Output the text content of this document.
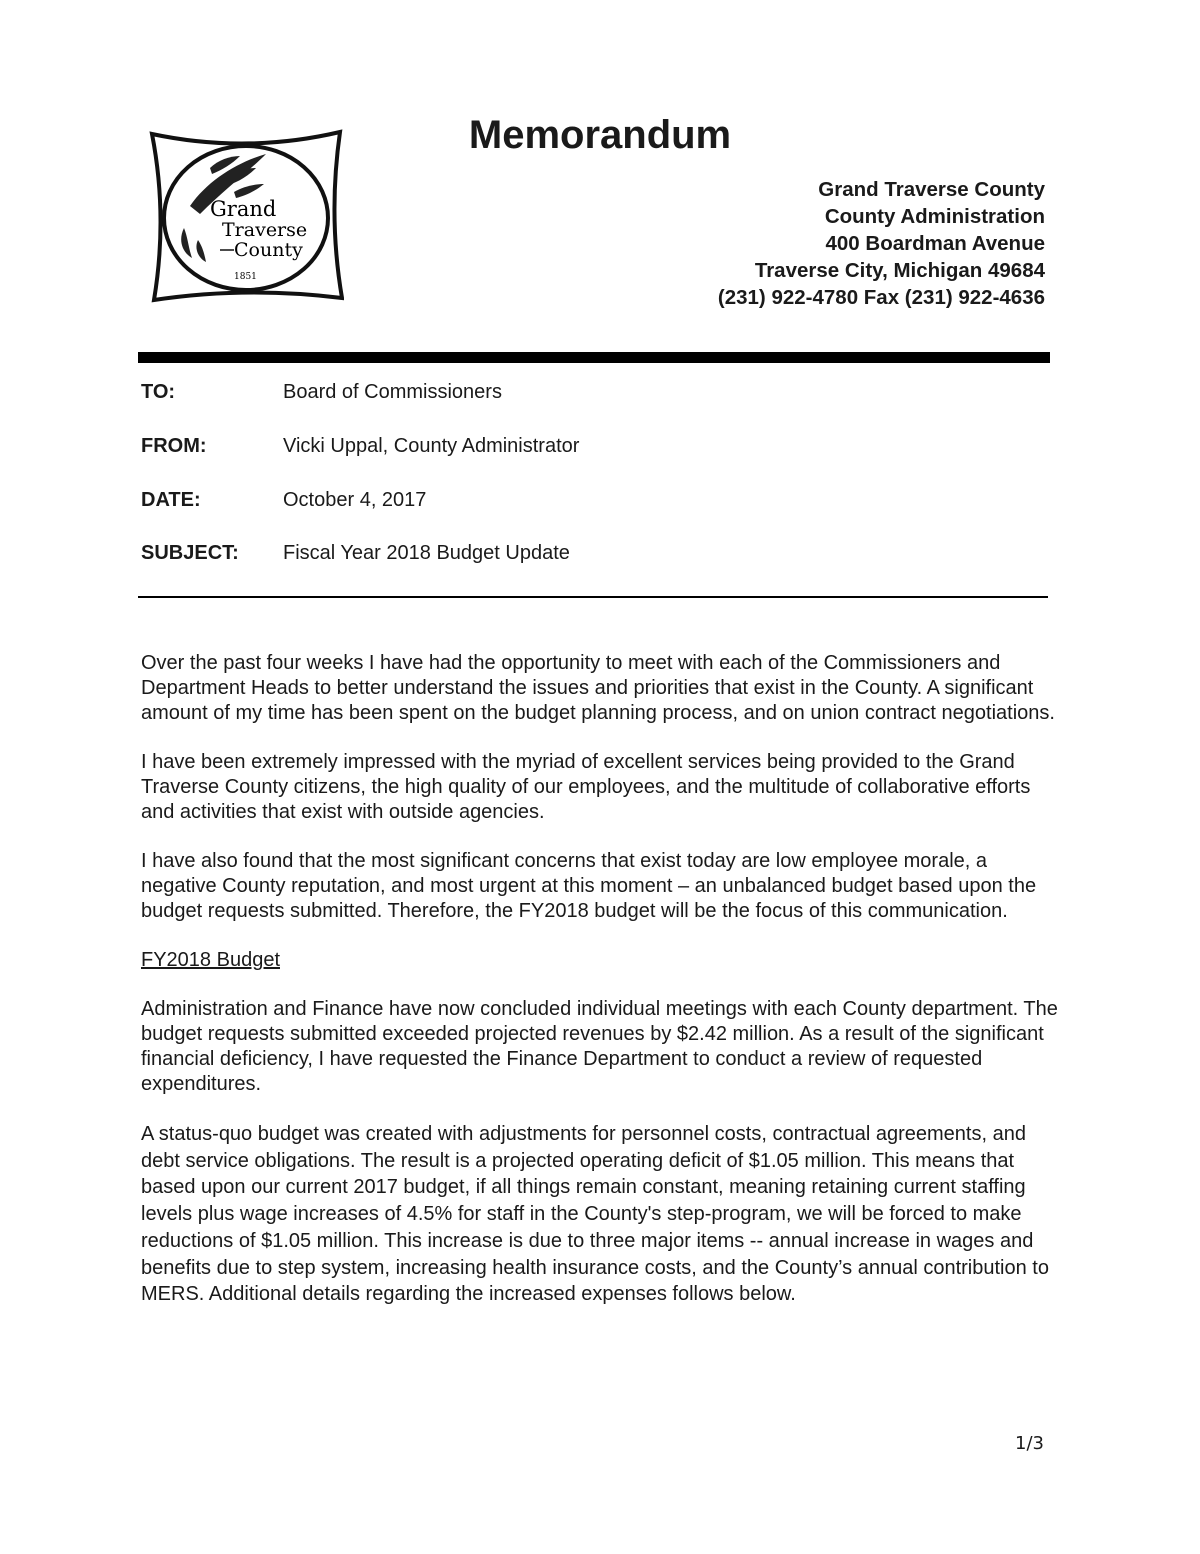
Grand
Traverse
County
1851
Memorandum
Grand Traverse County
County Administration
400 Boardman Avenue
Traverse City, Michigan 49684
(231) 922-4780 Fax (231) 922-4636
TO:	Board of Commissioners
FROM:	Vicki Uppal, County Administrator
DATE:	October 4, 2017
SUBJECT: Fiscal Year 2018 Budget Update

Over the past four weeks I have had the opportunity to meet with each of the Commissioners and Department Heads to better understand the issues and priorities that exist in the County. A significant amount of my time has been spent on the budget planning process, and on union contract negotiations.

I have been extremely impressed with the myriad of excellent services being provided to the Grand Traverse County citizens, the high quality of our employees, and the multitude of collaborative efforts and activities that exist with outside agencies.

I have also found that the most significant concerns that exist today are low employee morale, a negative County reputation, and most urgent at this moment – an unbalanced budget based upon the budget requests submitted. Therefore, the FY2018 budget will be the focus of this communication.

FY2018 Budget

Administration and Finance have now concluded individual meetings with each County department. The budget requests submitted exceeded projected revenues by $2.42 million. As a result of the significant financial deficiency, I have requested the Finance Department to conduct a review of requested expenditures.

A status-quo budget was created with adjustments for personnel costs, contractual agreements, and debt service obligations. The result is a projected operating deficit of $1.05 million. This means that based upon our current 2017 budget, if all things remain constant, meaning retaining current staffing levels plus wage increases of 4.5% for staff in the County's step-program, we will be forced to make reductions of $1.05 million. This increase is due to three major items -- annual increase in wages and benefits due to step system, increasing health insurance costs, and the County’s annual contribution to MERS. Additional details regarding the increased expenses follows below.

1/3
